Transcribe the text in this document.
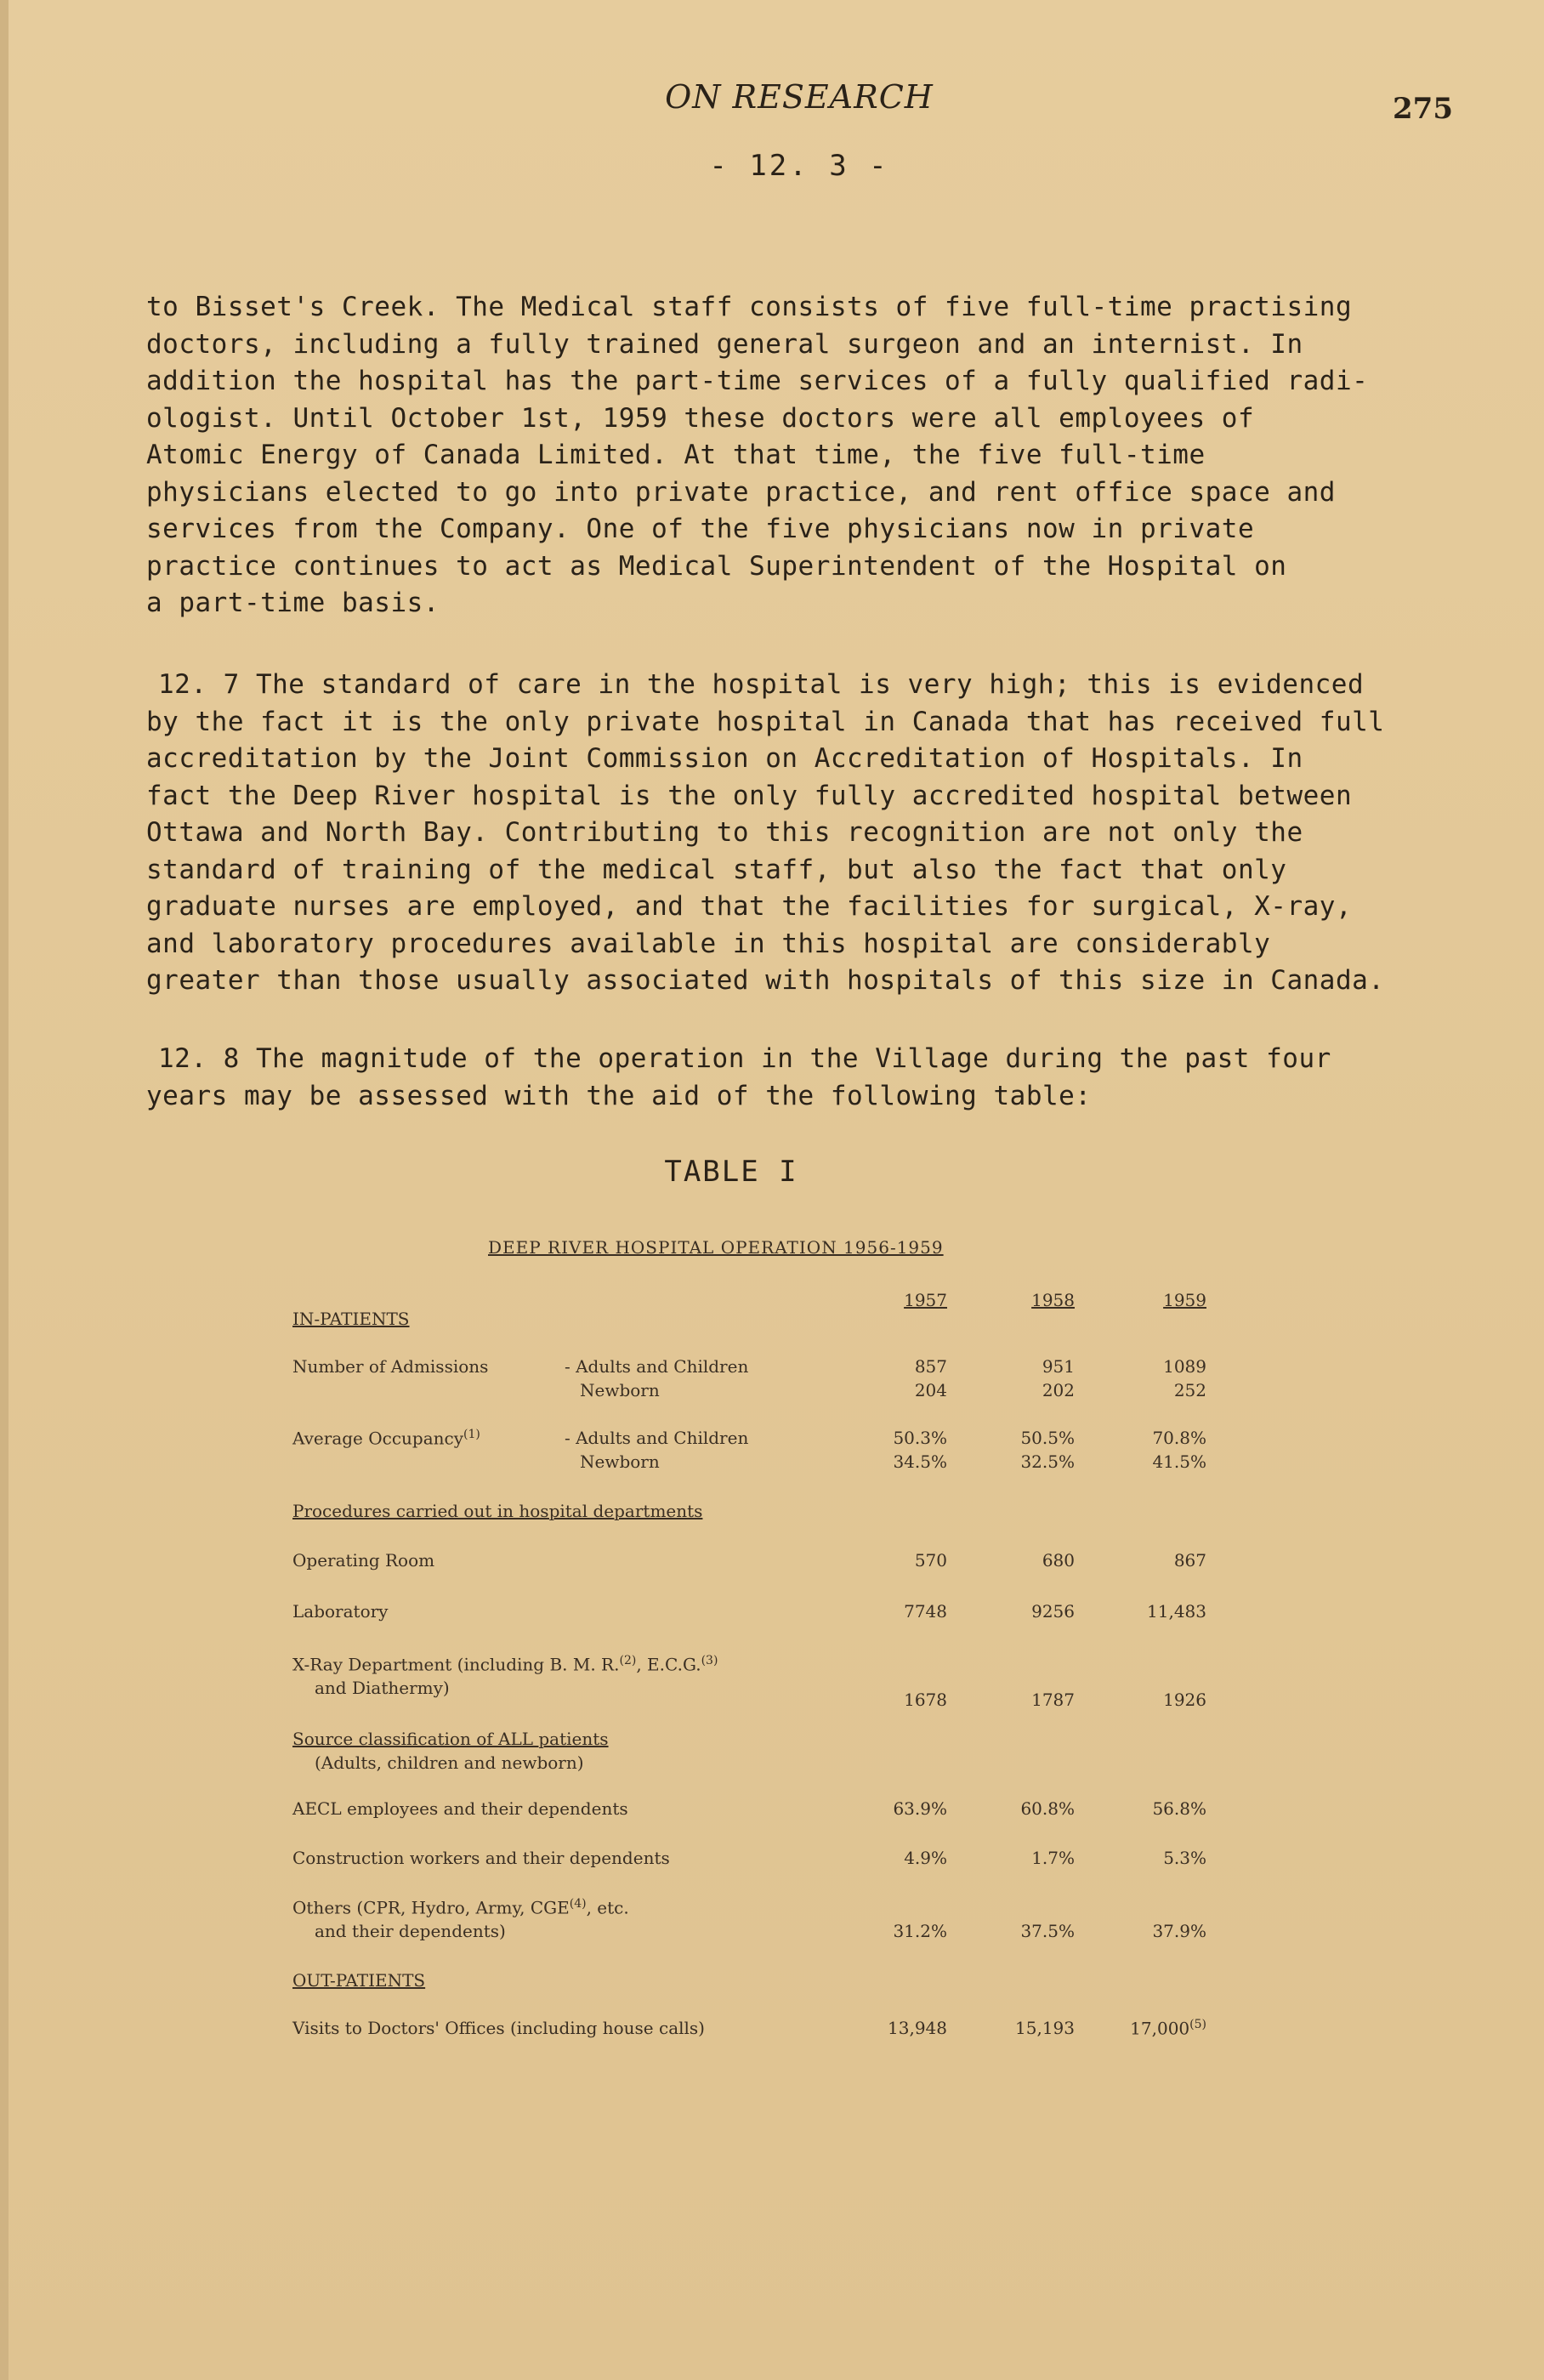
ON RESEARCH	275
- 12. 3 -
to Bisset's Creek. The Medical staff consists of five full-time practising
doctors, including a fully trained general surgeon and an internist. In
addition the hospital has the part-time services of a fully qualified radi-
ologist. Until October 1st, 1959 these doctors were all employees of
Atomic Energy of Canada Limited. At that time, the five full-time
physicians elected to go into private practice, and rent office space and
services from the Company. One of the five physicians now in private
practice continues to act as Medical Superintendent of the Hospital on
a part-time basis.
12. 7 The standard of care in the hospital is very high; this is evidenced
by the fact it is the only private hospital in Canada that has received full
accreditation by the Joint Commission on Accreditation of Hospitals. In
fact the Deep River hospital is the only fully accredited hospital between
Ottawa and North Bay. Contributing to this recognition are not only the
standard of training of the medical staff, but also the fact that only
graduate nurses are employed, and that the facilities for surgical, X-ray,
and laboratory procedures available in this hospital are considerably
greater than those usually associated with hospitals of this size in Canada.
12. 8 The magnitude of the operation in the Village during the past four
years may be assessed with the aid of the following table:
TABLE I
DEEP RIVER HOSPITAL OPERATION 1956-1959
1957	1958	1959
IN-PATIENTS
Number of Admissions	- Adults and Children	857	951	1089
Newborn	204	202	252
Average Occupancy$^{(1)}$	- Adults and Children	50.3%	50.5%	70.8%
Newborn	34.5%	32.5%	41.5%
Procedures carried out in hospital departments
Operating Room	570	680	867
Laboratory	7748	9256	11,483
X-Ray Department (including B. M. R.$^{(2)}$, E.C.G.$^{(3)}$
and Diathermy)
1678	1787	1926
Source classification of ALL patients
(Adults, children and newborn)
AECL employees and their dependents	63.9%	60.8%	56.8%
Construction workers and their dependents	4.9%	1.7%	5.3%
Others (CPR, Hydro, Army, CGE$^{(4)}$, etc.
and their dependents)	31.2%	37.5%	37.9%
OUT-PATIENTS
Visits to Doctors' Offices (including house calls)	13,948	15,193	17,000$^{(5)}$
